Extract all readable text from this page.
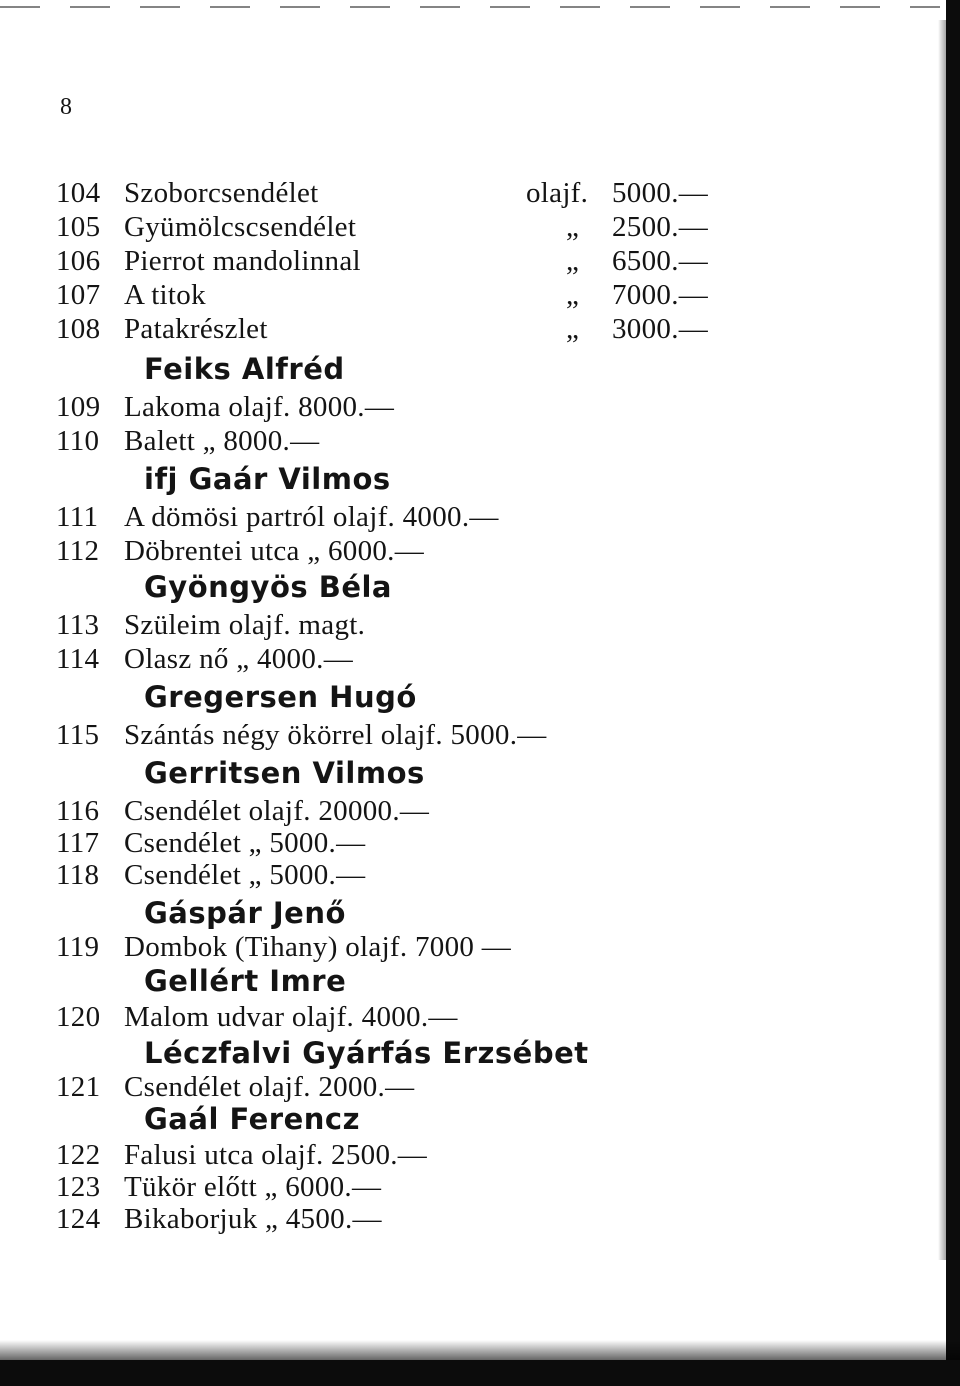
8
104 Szoborcsendélet	olajf. 5000.—
105 Gyümölcscsendélet	„ 2500.—
106 Pierrot mandolinnal	„ 6500.—
107 A titok	„ 7000.—
108 Patakrészlet	„ 3000.—
Feiks Alfréd
109 Lakoma olajf. 8000.—
110 Balett „ 8000.—
ifj Gaár Vilmos
111 A dömösi partról olajf. 4000.—
112 Döbrentei utca „ 6000.—
Gyöngyös Béla
113 Szüleim olajf. magt.
114 Olasz nő „ 4000.—
Gregersen Hugó
115 Szántás négy ökörrel olajf. 5000.—
Gerritsen Vilmos
116 Csendélet olajf. 20000.—
117 Csendélet „ 5000.—
118 Csendélet „ 5000.—
Gáspár Jenő
119 Dombok (Tihany) olajf. 7000 —
Gellért Imre
120 Malom udvar olajf. 4000.—
Léczfalvi Gyárfás Erzsébet
121 Csendélet olajf. 2000.—
Gaál Ferencz
122 Falusi utca olajf. 2500.—
123 Tükör előtt „ 6000.—
124 Bikaborjuk „ 4500.—
